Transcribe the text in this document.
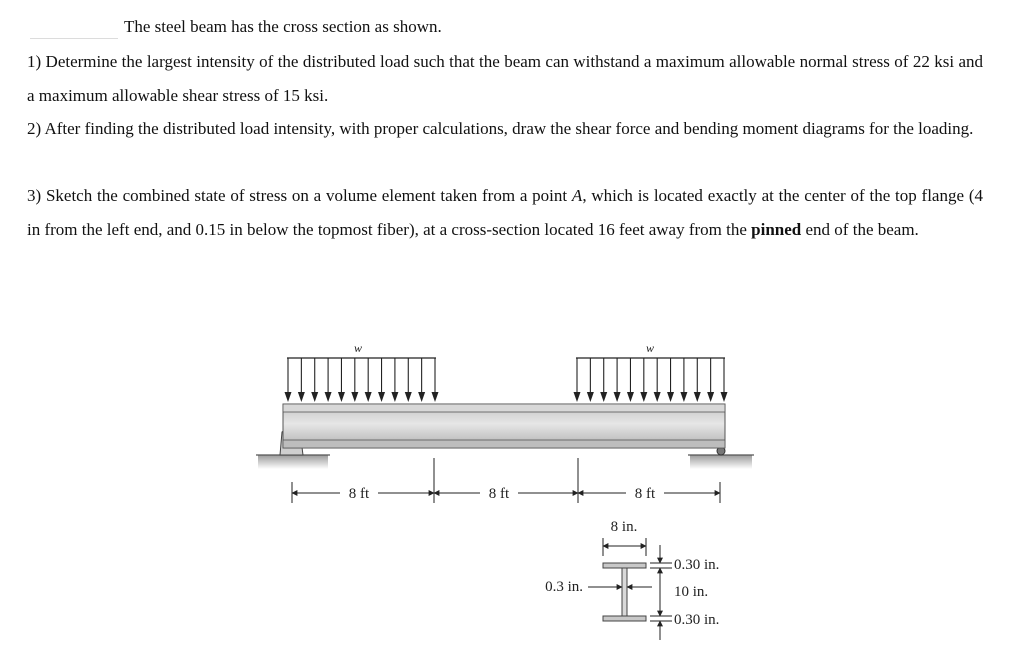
The steel beam has the cross section as shown.
1) Determine the largest intensity of the distributed load such that the beam can withstand a maximum allowable normal stress of 22 ksi and a maximum allowable shear stress of 15 ksi.
2) After finding the distributed load intensity, with proper calculations, draw the shear force and bending moment diagrams for the loading.
3) Sketch the combined state of stress on a volume element taken from a point A, which is located exactly at the center of the top flange (4 in from the left end, and 0.15 in below the topmost fiber), at a cross-section located 16 feet away from the pinned end of the beam.
w	w
8 ft	8 ft	8 ft
8 in.
0.3 in.
0.30 in.
10 in.
0.30 in.
